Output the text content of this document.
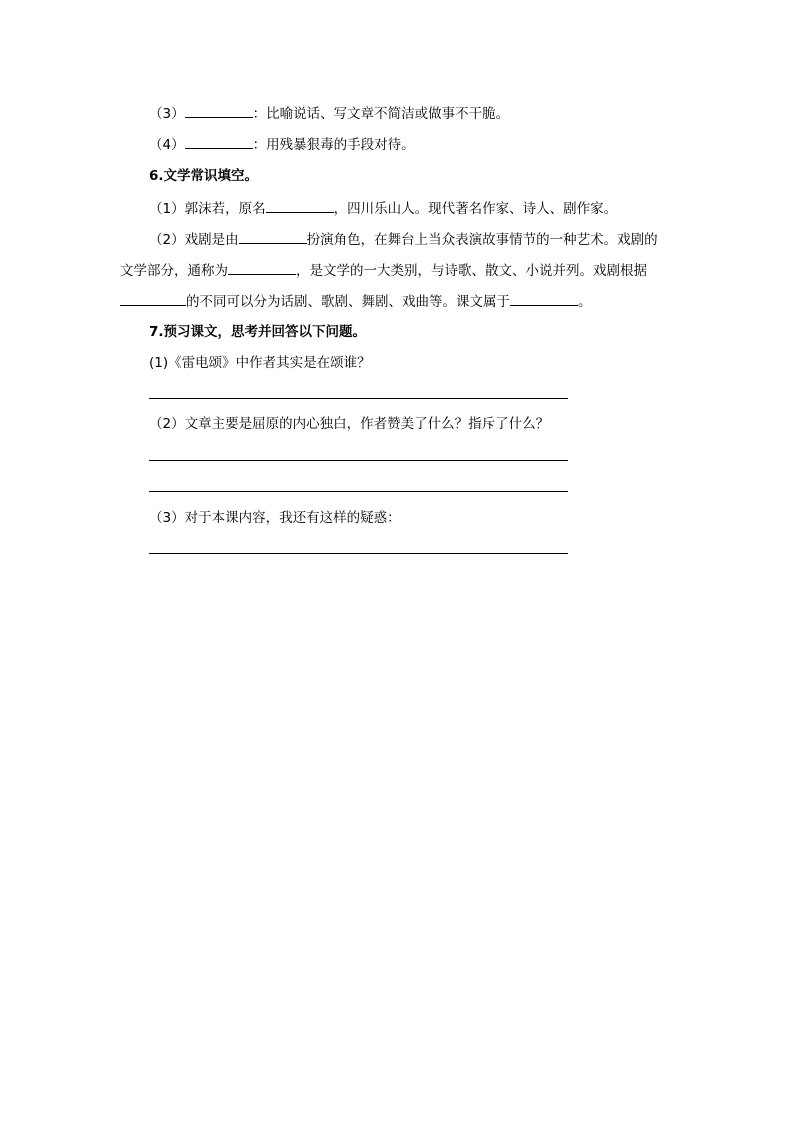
（3）	：比喻说话、写文章不简洁或做事不干脆。
（4）	：用残暴狠毒的手段对待。
6.文学常识填空。
（1）郭沫若，原名	，四川乐山人。现代著名作家、诗人、剧作家。
（2）戏剧是由	扮演角色，在舞台上当众表演故事情节的一种艺术。戏剧的
文学部分，通称为	，是文学的一大类别，与诗歌、散文、小说并列。戏剧根据
的不同可以分为话剧、歌剧、舞剧、戏曲等。课文属于	。
7.预习课文，思考并回答以下问题。
(1)《雷电颂》中作者其实是在颂谁？
（2）文章主要是屈原的内心独白，作者赞美了什么？指斥了什么？
（3）对于本课内容，我还有这样的疑惑：
